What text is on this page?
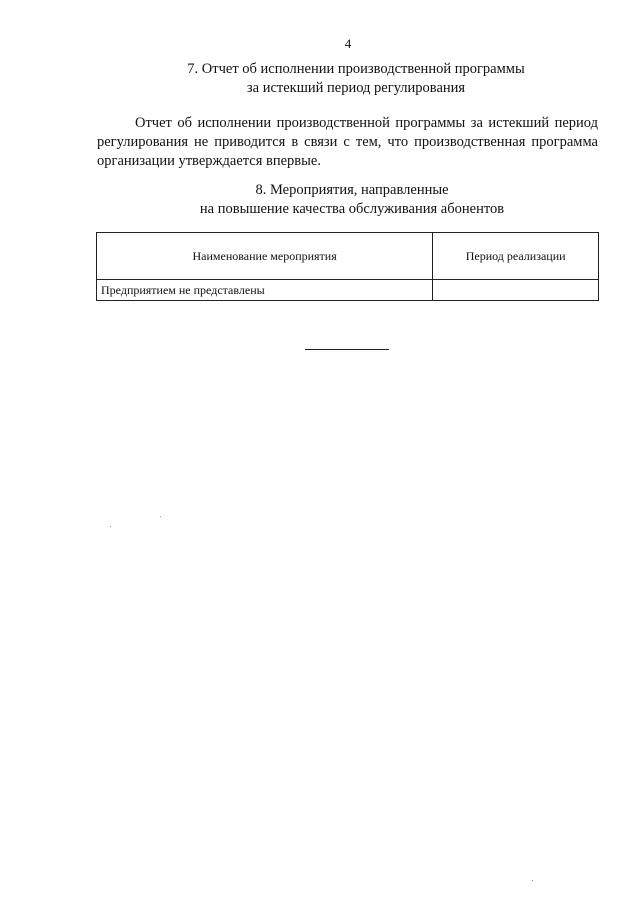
4
7. Отчет об исполнении производственной программы
за истекший период регулирования
Отчет об исполнении производственной программы за истекший период регулирования не приводится в связи с тем, что производственная программа организации утверждается впервые.
8. Мероприятия, направленные
на повышение качества обслуживания абонентов
Наименование мероприятия	Период реализации
Предприятием не представлены	
